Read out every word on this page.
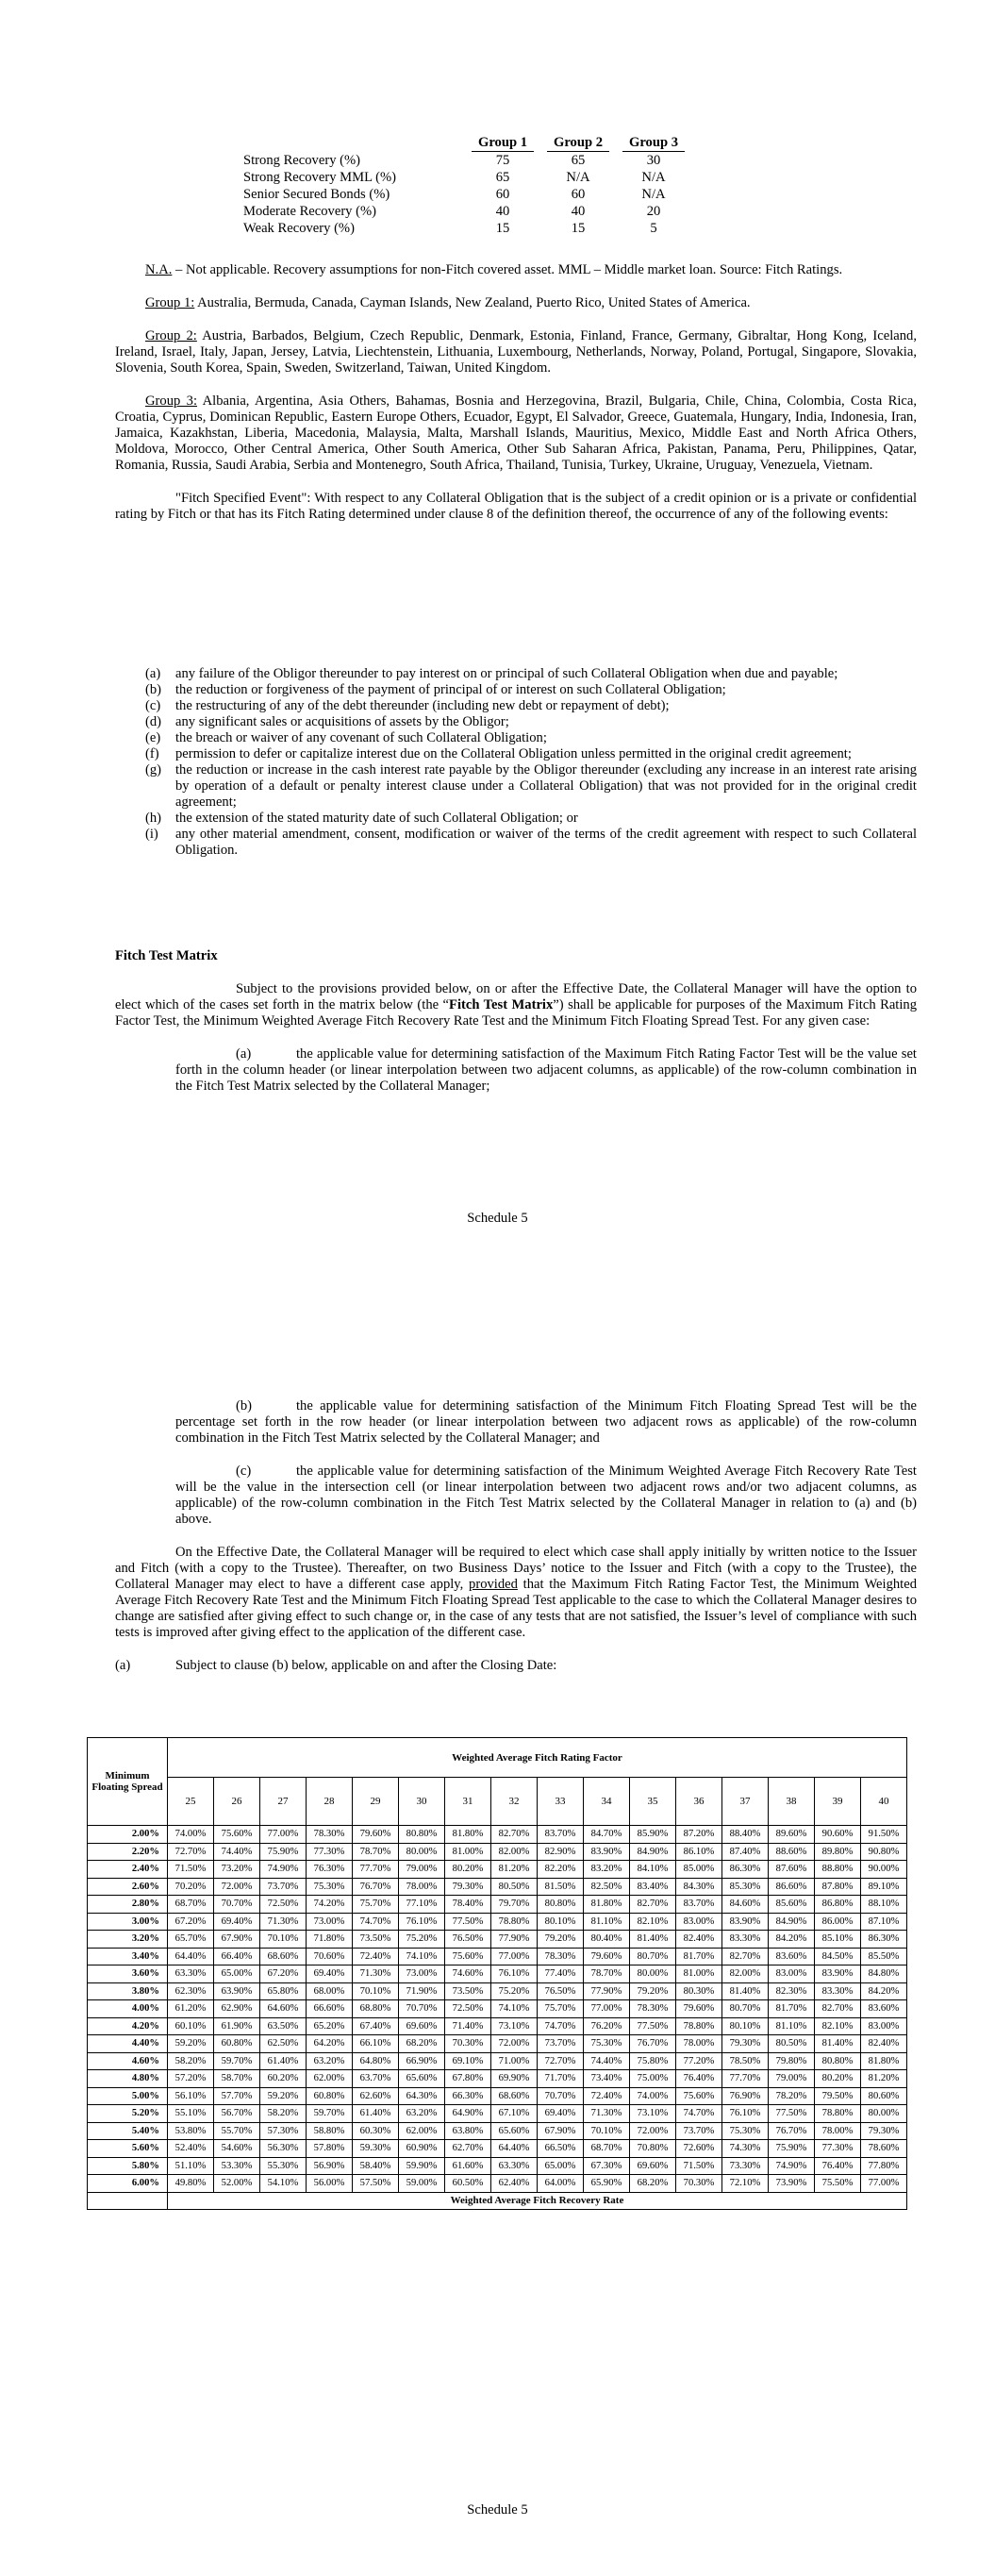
	Group 1		Group 2		Group 3
Strong Recovery (%)	75		65		30
Strong Recovery MML (%)	65		N/A		N/A
Senior Secured Bonds (%)	60		60		N/A
Moderate Recovery (%)	40		40		20
Weak Recovery (%)	15		15		5

N.A. – Not applicable. Recovery assumptions for non-Fitch covered asset. MML – Middle market loan. Source: Fitch Ratings.

Group 1: Australia, Bermuda, Canada, Cayman Islands, New Zealand, Puerto Rico, United States of America.

Group 2: Austria, Barbados, Belgium, Czech Republic, Denmark, Estonia, Finland, France, Germany, Gibraltar, Hong Kong, Iceland, Ireland, Israel, Italy, Japan, Jersey, Latvia, Liechtenstein, Lithuania, Luxembourg, Netherlands, Norway, Poland, Portugal, Singapore, Slovakia, Slovenia, South Korea, Spain, Sweden, Switzerland, Taiwan, United Kingdom.

Group 3: Albania, Argentina, Asia Others, Bahamas, Bosnia and Herzegovina, Brazil, Bulgaria, Chile, China, Colombia, Costa Rica, Croatia, Cyprus, Dominican Republic, Eastern Europe Others, Ecuador, Egypt, El Salvador, Greece, Guatemala, Hungary, India, Indonesia, Iran, Jamaica, Kazakhstan, Liberia, Macedonia, Malaysia, Malta, Marshall Islands, Mauritius, Mexico, Middle East and North Africa Others, Moldova, Morocco, Other Central America, Other South America, Other Sub Saharan Africa, Pakistan, Panama, Peru, Philippines, Qatar, Romania, Russia, Saudi Arabia, Serbia and Montenegro, South Africa, Thailand, Tunisia, Turkey, Ukraine, Uruguay, Venezuela, Vietnam.

"Fitch Specified Event": With respect to any Collateral Obligation that is the subject of a credit opinion or is a private or confidential rating by Fitch or that has its Fitch Rating determined under clause 8 of the definition thereof, the occurrence of any of the following events:

(a) any failure of the Obligor thereunder to pay interest on or principal of such Collateral Obligation when due and payable;
(b) the reduction or forgiveness of the payment of principal of or interest on such Collateral Obligation;
(c) the restructuring of any of the debt thereunder (including new debt or repayment of debt);
(d) any significant sales or acquisitions of assets by the Obligor;
(e) the breach or waiver of any covenant of such Collateral Obligation;
(f) permission to defer or capitalize interest due on the Collateral Obligation unless permitted in the original credit agreement;
(g) the reduction or increase in the cash interest rate payable by the Obligor thereunder (excluding any increase in an interest rate arising by operation of a default or penalty interest clause under a Collateral Obligation) that was not provided for in the original credit agreement;
(h) the extension of the stated maturity date of such Collateral Obligation; or
(i) any other material amendment, consent, modification or waiver of the terms of the credit agreement with respect to such Collateral Obligation.

Fitch Test Matrix

Subject to the provisions provided below, on or after the Effective Date, the Collateral Manager will have the option to elect which of the cases set forth in the matrix below (the “Fitch Test Matrix”) shall be applicable for purposes of the Maximum Fitch Rating Factor Test, the Minimum Weighted Average Fitch Recovery Rate Test and the Minimum Fitch Floating Spread Test. For any given case:

(a)	the applicable value for determining satisfaction of the Maximum Fitch Rating Factor Test will be the value set forth in the column header (or linear interpolation between two adjacent columns, as applicable) of the row-column combination in the Fitch Test Matrix selected by the Collateral Manager;

Schedule 5

(b)	the applicable value for determining satisfaction of the Minimum Fitch Floating Spread Test will be the percentage set forth in the row header (or linear interpolation between two adjacent rows as applicable) of the row-column combination in the Fitch Test Matrix selected by the Collateral Manager; and

(c)	the applicable value for determining satisfaction of the Minimum Weighted Average Fitch Recovery Rate Test will be the value in the intersection cell (or linear interpolation between two adjacent rows and/or two adjacent columns, as applicable) of the row-column combination in the Fitch Test Matrix selected by the Collateral Manager in relation to (a) and (b) above.

On the Effective Date, the Collateral Manager will be required to elect which case shall apply initially by written notice to the Issuer and Fitch (with a copy to the Trustee). Thereafter, on two Business Days’ notice to the Issuer and Fitch (with a copy to the Trustee), the Collateral Manager may elect to have a different case apply, provided that the Maximum Fitch Rating Factor Test, the Minimum Weighted Average Fitch Recovery Rate Test and the Minimum Fitch Floating Spread Test applicable to the case to which the Collateral Manager desires to change are satisfied after giving effect to such change or, in the case of any tests that are not satisfied, the Issuer’s level of compliance with such tests is improved after giving effect to the application of the different case.

(a)	Subject to clause (b) below, applicable on and after the Closing Date:

Minimum Floating Spread	Weighted Average Fitch Rating Factor															
	25	26	27	28	29	30	31	32	33	34	35	36	37	38	39	40
2.00%	74.00%	75.60%	77.00%	78.30%	79.60%	80.80%	81.80%	82.70%	83.70%	84.70%	85.90%	87.20%	88.40%	89.60%	90.60%	91.50%
2.20%	72.70%	74.40%	75.90%	77.30%	78.70%	80.00%	81.00%	82.00%	82.90%	83.90%	84.90%	86.10%	87.40%	88.60%	89.80%	90.80%
2.40%	71.50%	73.20%	74.90%	76.30%	77.70%	79.00%	80.20%	81.20%	82.20%	83.20%	84.10%	85.00%	86.30%	87.60%	88.80%	90.00%
2.60%	70.20%	72.00%	73.70%	75.30%	76.70%	78.00%	79.30%	80.50%	81.50%	82.50%	83.40%	84.30%	85.30%	86.60%	87.80%	89.10%
2.80%	68.70%	70.70%	72.50%	74.20%	75.70%	77.10%	78.40%	79.70%	80.80%	81.80%	82.70%	83.70%	84.60%	85.60%	86.80%	88.10%
3.00%	67.20%	69.40%	71.30%	73.00%	74.70%	76.10%	77.50%	78.80%	80.10%	81.10%	82.10%	83.00%	83.90%	84.90%	86.00%	87.10%
3.20%	65.70%	67.90%	70.10%	71.80%	73.50%	75.20%	76.50%	77.90%	79.20%	80.40%	81.40%	82.40%	83.30%	84.20%	85.10%	86.30%
3.40%	64.40%	66.40%	68.60%	70.60%	72.40%	74.10%	75.60%	77.00%	78.30%	79.60%	80.70%	81.70%	82.70%	83.60%	84.50%	85.50%
3.60%	63.30%	65.00%	67.20%	69.40%	71.30%	73.00%	74.60%	76.10%	77.40%	78.70%	80.00%	81.00%	82.00%	83.00%	83.90%	84.80%
3.80%	62.30%	63.90%	65.80%	68.00%	70.10%	71.90%	73.50%	75.20%	76.50%	77.90%	79.20%	80.30%	81.40%	82.30%	83.30%	84.20%
4.00%	61.20%	62.90%	64.60%	66.60%	68.80%	70.70%	72.50%	74.10%	75.70%	77.00%	78.30%	79.60%	80.70%	81.70%	82.70%	83.60%
4.20%	60.10%	61.90%	63.50%	65.20%	67.40%	69.60%	71.40%	73.10%	74.70%	76.20%	77.50%	78.80%	80.10%	81.10%	82.10%	83.00%
4.40%	59.20%	60.80%	62.50%	64.20%	66.10%	68.20%	70.30%	72.00%	73.70%	75.30%	76.70%	78.00%	79.30%	80.50%	81.40%	82.40%
4.60%	58.20%	59.70%	61.40%	63.20%	64.80%	66.90%	69.10%	71.00%	72.70%	74.40%	75.80%	77.20%	78.50%	79.80%	80.80%	81.80%
4.80%	57.20%	58.70%	60.20%	62.00%	63.70%	65.60%	67.80%	69.90%	71.70%	73.40%	75.00%	76.40%	77.70%	79.00%	80.20%	81.20%
5.00%	56.10%	57.70%	59.20%	60.80%	62.60%	64.30%	66.30%	68.60%	70.70%	72.40%	74.00%	75.60%	76.90%	78.20%	79.50%	80.60%
5.20%	55.10%	56.70%	58.20%	59.70%	61.40%	63.20%	64.90%	67.10%	69.40%	71.30%	73.10%	74.70%	76.10%	77.50%	78.80%	80.00%
5.40%	53.80%	55.70%	57.30%	58.80%	60.30%	62.00%	63.80%	65.60%	67.90%	70.10%	72.00%	73.70%	75.30%	76.70%	78.00%	79.30%
5.60%	52.40%	54.60%	56.30%	57.80%	59.30%	60.90%	62.70%	64.40%	66.50%	68.70%	70.80%	72.60%	74.30%	75.90%	77.30%	78.60%
5.80%	51.10%	53.30%	55.30%	56.90%	58.40%	59.90%	61.60%	63.30%	65.00%	67.30%	69.60%	71.50%	73.30%	74.90%	76.40%	77.80%
6.00%	49.80%	52.00%	54.10%	56.00%	57.50%	59.00%	60.50%	62.40%	64.00%	65.90%	68.20%	70.30%	72.10%	73.90%	75.50%	77.00%
	Weighted Average Fitch Recovery Rate															
Schedule 5
